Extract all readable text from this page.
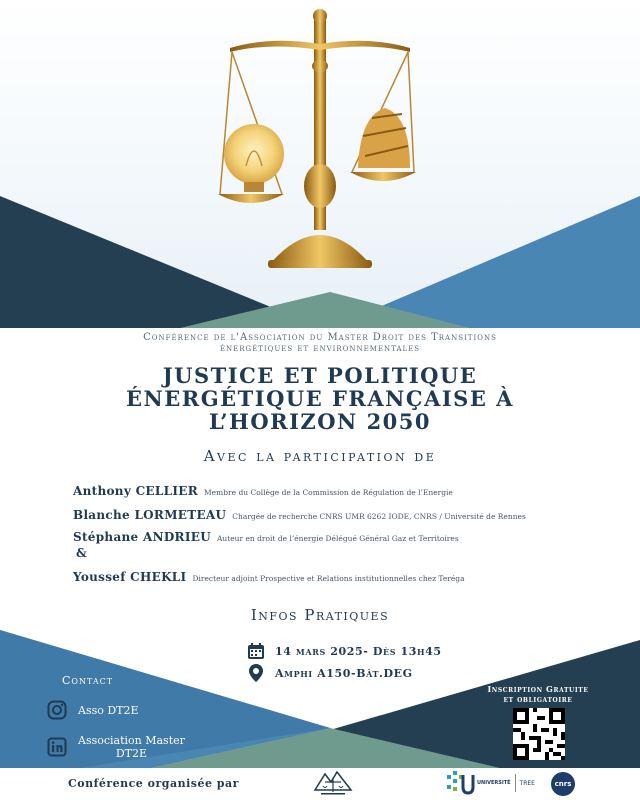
Conférence de l'Association du Master Droit des Transitions
énergétiques et environnementales
JUSTICE ET POLITIQUE
ÉNERGÉTIQUE FRANÇAISE À
L’HORIZON 2050
Avec la participation de
Anthony CELLIER Membre du Collège de la Commission de Régulation de l’Energie
Blanche LORMETEAU Chargée de recherche CNRS UMR 6262 IODE, CNRS / Université de Rennes
Stéphane ANDRIEU Auteur en droit de l’énergie Délégué Général Gaz et Territoires
&
Youssef CHEKLI Directeur adjoint Prospective et Relations institutionnelles chez Teréga
Infos Pratiques
14 mars 2025- Dès 13h45
Amphi A150-Bât.DEG
Contact
Asso DT2E
Association Master
DT2E
Inscription Gratuite
et obligatoire
Conférence organisée par	UNIVERSITÉ TREE	cnrs
